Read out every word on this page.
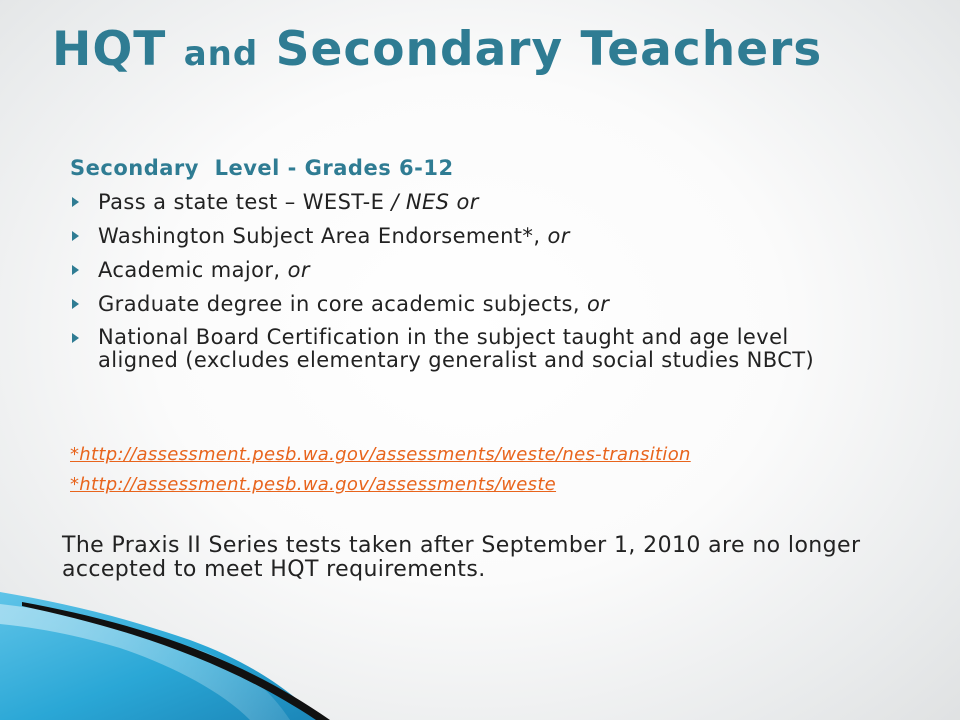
HQT and Secondary Teachers

Secondary  Level - Grades 6-12

Pass a state test – WEST-E / NES or
Washington Subject Area Endorsement*, or
Academic major, or
Graduate degree in core academic subjects, or
National Board Certification in the subject taught and age level aligned (excludes elementary generalist and social studies NBCT)
*http://assessment.pesb.wa.gov/assessments/weste/nes-transition
*http://assessment.pesb.wa.gov/assessments/weste

The Praxis II Series tests taken after September 1, 2010 are no longer accepted to meet HQT requirements.
